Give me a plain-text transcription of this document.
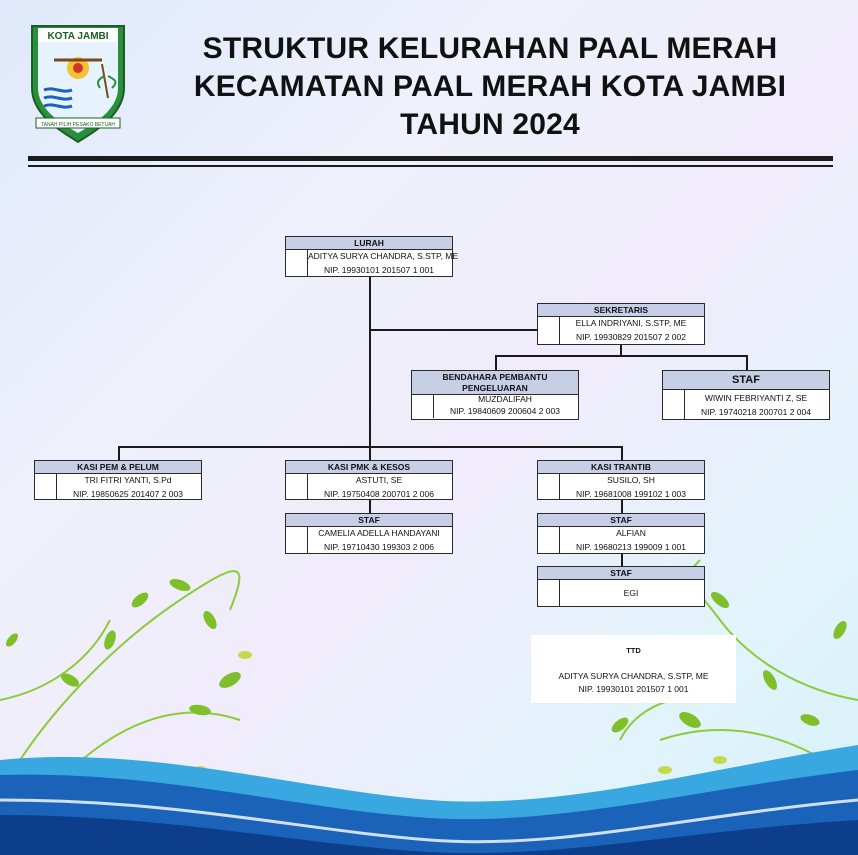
KOTA JAMBI
TANAH PILIH PESAKO BETUAH
STRUKTUR KELURAHAN PAAL MERAH
KECAMATAN PAAL MERAH KOTA JAMBI
TAHUN 2024
LURAH
ADITYA SURYA CHANDRA, S.STP, ME
NIP. 19930101 201507 1 001
SEKRETARIS
ELLA INDRIYANI, S.STP, ME
NIP. 19930829 201507 2 002
BENDAHARA PEMBANTU PENGELUARAN
MUZDALIFAH
NIP. 19840609 200604 2 003
STAF
WIWIN FEBRIYANTI Z, SE
NIP. 19740218 200701 2 004
KASI PEM & PELUM
TRI FITRI YANTI, S.Pd
NIP. 19850625 201407 2 003
KASI PMK & KESOS
ASTUTI, SE
NIP. 19750408 200701 2 006
KASI TRANTIB
SUSILO, SH
NIP. 19681008 199102 1 003
STAF
CAMELIA ADELLA HANDAYANI
NIP. 19710430 199303 2 006
STAF
ALFIAN
NIP. 19680213 199009 1 001
STAF
EGI
TTD
ADITYA SURYA CHANDRA, S.STP, ME
NIP. 19930101 201507 1 001
